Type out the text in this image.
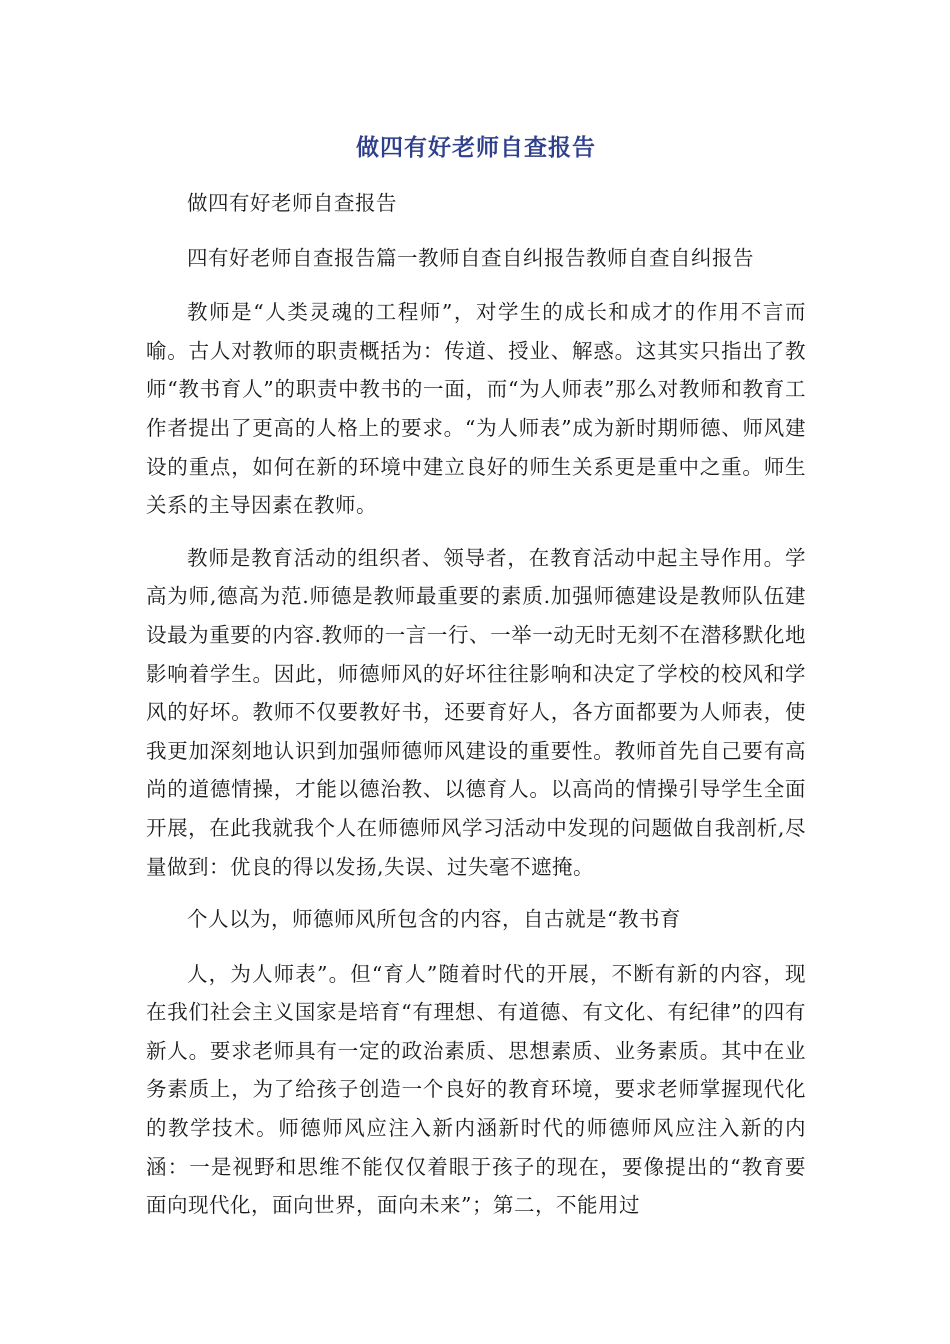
做四有好老师自查报告

做四有好老师自查报告

四有好老师自查报告篇一教师自查自纠报告教师自查自纠报告

教师是“人类灵魂的工程师”，对学生的成长和成才的作用不言而喻。古人对教师的职责概括为：传道、授业、解惑。这其实只指出了教师“教书育人”的职责中教书的一面，而“为人师表”那么对教师和教育工作者提出了更高的人格上的要求。“为人师表”成为新时期师德、师风建设的重点，如何在新的环境中建立良好的师生关系更是重中之重。师生关系的主导因素在教师。

教师是教育活动的组织者、领导者，在教育活动中起主导作用。学高为师,德高为范.师德是教师最重要的素质.加强师德建设是教师队伍建设最为重要的内容.教师的一言一行、一举一动无时无刻不在潜移默化地影响着学生。因此，师德师风的好坏往往影响和决定了学校的校风和学风的好坏。教师不仅要教好书，还要育好人，各方面都要为人师表，使我更加深刻地认识到加强师德师风建设的重要性。教师首先自己要有高尚的道德情操，才能以德治教、以德育人。以高尚的情操引导学生全面开展，在此我就我个人在师德师风学习活动中发现的问题做自我剖析,尽量做到：优良的得以发扬,失误、过失毫不遮掩。

个人以为，师德师风所包含的内容，自古就是“教书育

人，为人师表”。但“育人”随着时代的开展，不断有新的内容，现在我们社会主义国家是培育“有理想、有道德、有文化、有纪律”的四有新人。要求老师具有一定的政治素质、思想素质、业务素质。其中在业务素质上，为了给孩子创造一个良好的教育环境，要求老师掌握现代化的教学技术。师德师风应注入新内涵新时代的师德师风应注入新的内涵：一是视野和思维不能仅仅着眼于孩子的现在，要像提出的“教育要面向现代化，面向世界，面向未来”；第二，不能用过
